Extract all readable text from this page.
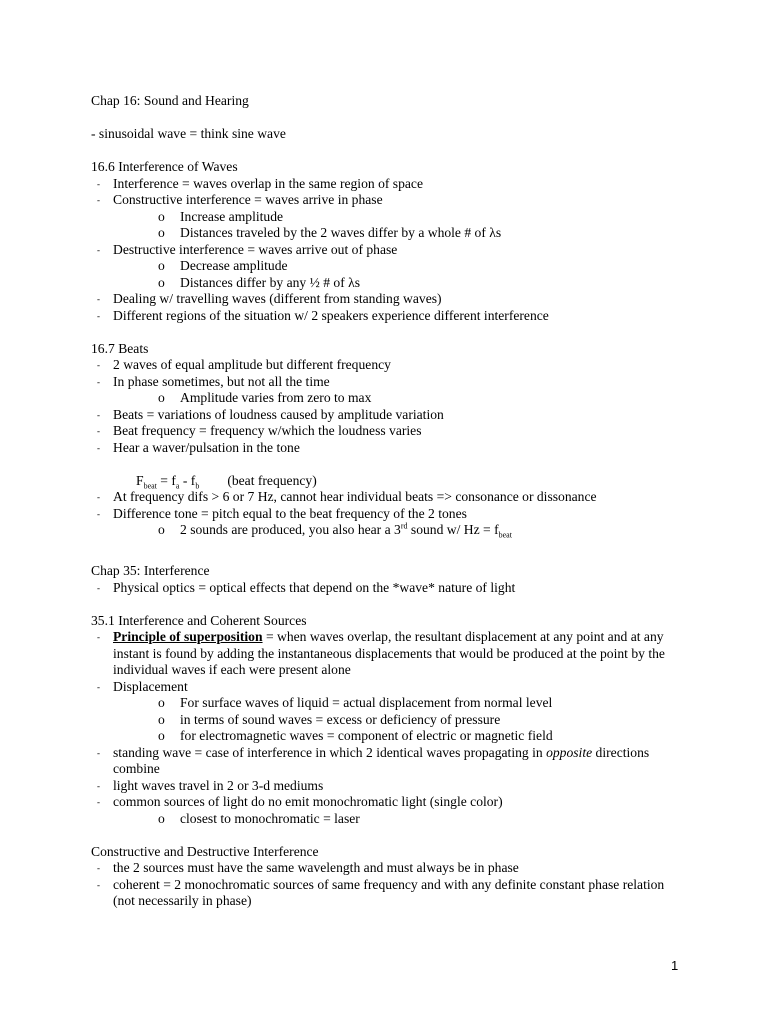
Chap 16: Sound and Hearing

- sinusoidal wave = think sine wave

16.6 Interference of Waves

- Interference = waves overlap in the same region of space

- Constructive interference = waves arrive in phase

o Increase amplitude

o Distances traveled by the 2 waves differ by a whole # of λs

- Destructive interference = waves arrive out of phase

o Decrease amplitude

o Distances differ by any ½ # of λs

- Dealing w/ travelling waves (different from standing waves)

- Different regions of the situation w/ 2 speakers experience different interference

16.7 Beats

- 2 waves of equal amplitude but different frequency

- In phase sometimes, but not all the time

o Amplitude varies from zero to max

- Beats = variations of loudness caused by amplitude variation

- Beat frequency = frequency w/which the loudness varies

- Hear a waver/pulsation in the tone

$F_{beat} = f_a - f_b$ (beat frequency)

- At frequency difs > 6 or 7 Hz, cannot hear individual beats => consonance or dissonance

- Difference tone = pitch equal to the beat frequency of the 2 tones

o 2 sounds are produced, you also hear a 3rd sound w/ $Hz = f_{beat}$

Chap 35: Interference

- Physical optics = optical effects that depend on the *wave* nature of light

35.1 Interference and Coherent Sources

- Principle of superposition = when waves overlap, the resultant displacement at any point and at any instant is found by adding the instantaneous displacements that would be produced at the point by the individual waves if each were present alone

- Displacement

o For surface waves of liquid = actual displacement from normal level

o in terms of sound waves = excess or deficiency of pressure

o for electromagnetic waves = component of electric or magnetic field

- standing wave = case of interference in which 2 identical waves propagating in opposite directions combine

- light waves travel in 2 or 3-d mediums

- common sources of light do no emit monochromatic light (single color)

o closest to monochromatic = laser

Constructive and Destructive Interference

- the 2 sources must have the same wavelength and must always be in phase

- coherent = 2 monochromatic sources of same frequency and with any definite constant phase relation (not necessarily in phase)

1
